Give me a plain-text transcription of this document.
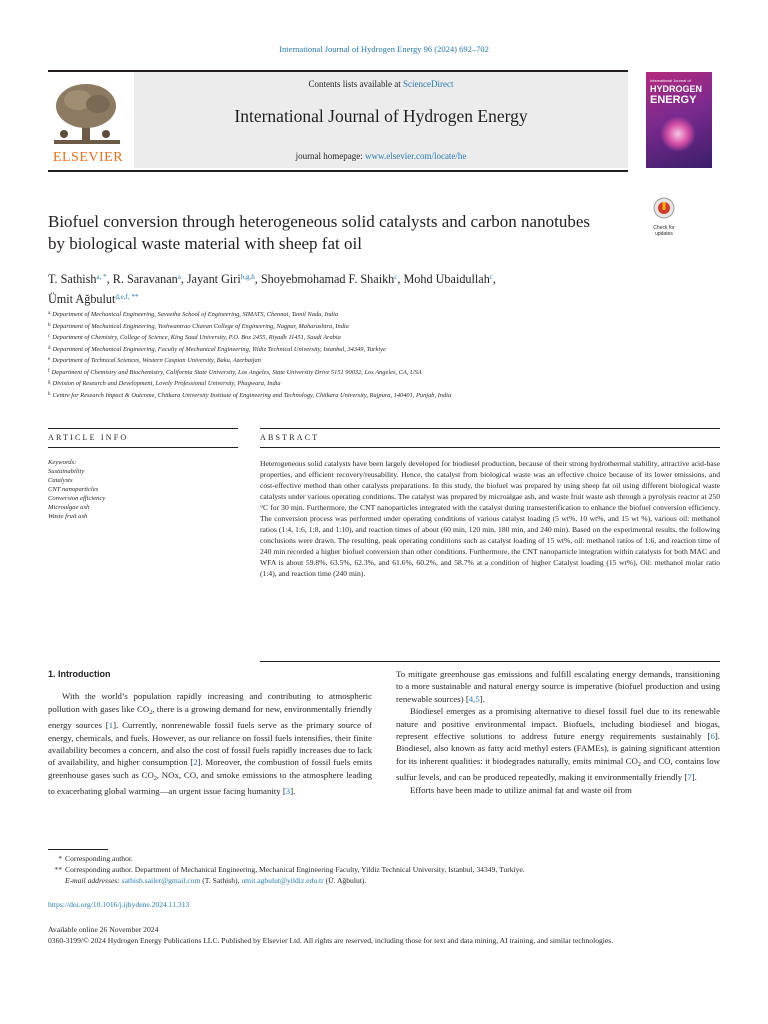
International Journal of Hydrogen Energy 96 (2024) 692–702
ELSEVIER
Contents lists available at ScienceDirect
International Journal of Hydrogen Energy
journal homepage: www.elsevier.com/locate/he
International Journal of
HYDROGEN
ENERGY
Check for
updates
Biofuel conversion through heterogeneous solid catalysts and carbon nanotubes by biological waste material with sheep fat oil
T. Sathish$^{a, *}$, R. Saravanan$^a$, Jayant Giri$^{b,g,h}$, Shoyebmohamad F. Shaikh$^c$, Mohd Ubaidullah$^c$,
Ümit Ağbulut$^{d,e,f, **}$
$^a$ Department of Mechanical Engineering, Saveetha School of Engineering, SIMATS, Chennai, Tamil Nadu, India
$^b$ Department of Mechanical Engineering, Yeshwantrao Chavan College of Engineering, Nagpur, Maharashtra, India
$^c$ Department of Chemistry, College of Science, King Saud University, P.O. Box 2455, Riyadh 11451, Saudi Arabia
$^d$ Department of Mechanical Engineering, Faculty of Mechanical Engineering, Yildiz Technical University, Istanbul, 34349, Turkiye
$^e$ Department of Technical Sciences, Western Caspian University, Baku, Azerbaijan
$^f$ Department of Chemistry and Biochemistry, California State University, Los Angeles, State University Drive 5151 90032, Los Angeles, CA, USA
$^g$ Division of Research and Development, Lovely Professional University, Phagwara, India
$^h$ Centre for Research Impact & Outcome, Chitkara University Institute of Engineering and Technology, Chitkara University, Rajpura, 140401, Punjab, India
ARTICLE INFO	ABSTRACT
Keywords:
Sustainability
Catalysts
CNT nanoparticles
Conversion efficiency
Microalgae ash
Waste fruit ash
Heterogeneous solid catalysts have been largely developed for biodiesel production, because of their strong hydrothermal stability, attractive acid-base properties, and efficient recovery/reusability. Hence, the catalyst from biological waste was an effective choice because of its lower emissions, and cost-effective method than other catalysts preparations. In this study, the biofuel was prepared by using sheep fat oil using different biological waste catalysts under various operating conditions. The catalyst was prepared by microalgae ash, and waste fruit waste ash through a pyrolysis reactor at 250 °C for 30 min. Furthermore, the CNT nanoparticles integrated with the catalyst during transesterification to enhance the biofuel conversion efficiency. The conversion process was performed under operating conditions of various catalyst loading (5 wt%, 10 wt%, and 15 wt %), various oil: methanol ratios (1:4, 1:6, 1:8, and 1:10), and reaction times of about (60 min, 120 min, 180 min, and 240 min). Based on the experimental results, the following conclusions were drawn. The resulting, peak operating conditions such as catalyst loading of 15 wt%, oil: methanol ratios of 1:6, and reaction time of 240 min recorded a higher biofuel conversion than other conditions. Furthermore, the CNT nanoparticle integration within catalysts for both MAC and WFA is about 59.8%, 63.5%, 62.3%, and 61.6%, 60.2%, and 58.7% at a condition of higher Catalyst loading (15 wt%), Oil: methanol molar ratio (1:4), and reaction time (240 min).
1. Introduction

With the world’s population rapidly increasing and contributing to atmospheric pollution with gases like $CO_2$, there is a growing demand for new, environmentally friendly energy sources [1]. Currently, nonrenewable fossil fuels serve as the primary source of energy, chemicals, and fuels. However, as our reliance on fossil fuels intensifies, their finite availability becomes a concern, and also the cost of fossil fuels rapidly increases due to lack of availability, and higher consumption [2]. Moreover, the combustion of fossil fuels emits greenhouse gases such as $CO_2$, NOx, CO, and smoke emissions to the atmosphere leading to exacerbating global warming—an urgent issue facing humanity [3].

To mitigate greenhouse gas emissions and fulfill escalating energy demands, transitioning to a more sustainable and natural energy source is imperative (biofuel production and using renewable sources) [4,5].

Biodiesel emerges as a promising alternative to diesel fossil fuel due to its renewable nature and positive environmental impact. Biofuels, including biodiesel and biogas, represent effective solutions to address future energy requirements sustainably [6]. Biodiesel, also known as fatty acid methyl esters (FAMEs), is gaining significant attention for its inherent qualities: it biodegrades naturally, emits minimal $CO_2$ and CO, contains low sulfur levels, and can be produced repeatedly, making it environmentally friendly [7].

Efforts have been made to utilize animal fat and waste oil from

* Corresponding author.
** Corresponding author. Department of Mechanical Engineering, Mechanical Engineering Faculty, Yildiz Technical University, Istanbul, 34349, Turkiye.
E-mail addresses: sathish.sailer@gmail.com (T. Sathish), umit.agbulut@yildiz.edu.tr (Ü. Ağbulut).
https://doi.org/10.1016/j.ijhydene.2024.11.313
Available online 26 November 2024
0360-3199/© 2024 Hydrogen Energy Publications LLC. Published by Elsevier Ltd. All rights are reserved, including those for text and data mining, AI training, and similar technologies.
